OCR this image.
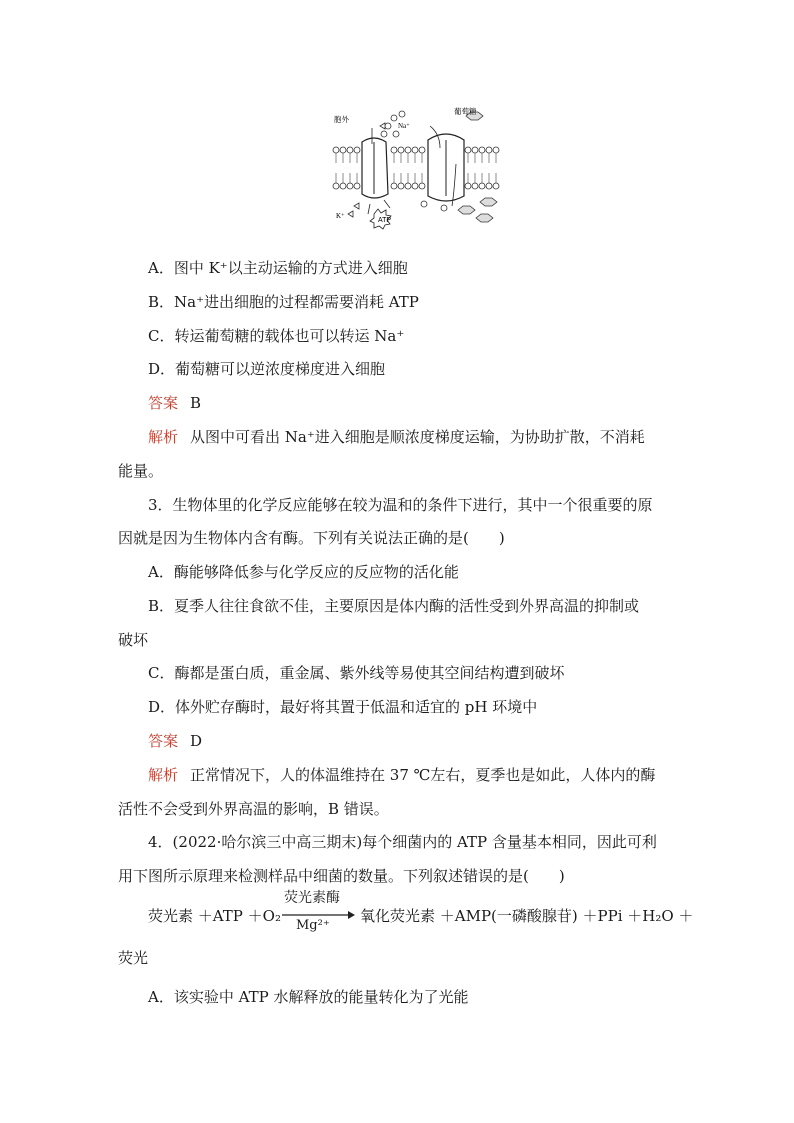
ATP
胞外
葡萄糖
Na⁺
K⁺
A．图中 K⁺以主动运输的方式进入细胞
B．Na⁺进出细胞的过程都需要消耗 ATP
C．转运葡萄糖的载体也可以转运 Na⁺
D．葡萄糖可以逆浓度梯度进入细胞
答案 B
解析 从图中可看出 Na⁺进入细胞是顺浓度梯度运输，为协助扩散，不消耗
能量。
3．生物体里的化学反应能够在较为温和的条件下进行，其中一个很重要的原
因就是因为生物体内含有酶。下列有关说法正确的是(　　)
A．酶能够降低参与化学反应的反应物的活化能
B．夏季人往往食欲不佳，主要原因是体内酶的活性受到外界高温的抑制或
破坏
C．酶都是蛋白质，重金属、紫外线等易使其空间结构遭到破坏
D．体外贮存酶时，最好将其置于低温和适宜的 pH 环境中
答案 D
解析 正常情况下，人的体温维持在 37 ℃左右，夏季也是如此，人体内的酶
活性不会受到外界高温的影响，B 错误。
4．(2022·哈尔滨三中高三期末)每个细菌内的 ATP 含量基本相同，因此可利
用下图所示原理来检测样品中细菌的数量。下列叙述错误的是(　　)
荧光素 ＋ATP ＋O₂
荧光素酶
Mg²⁺
氧化荧光素 ＋AMP(一磷酸腺苷) ＋PPi ＋H₂O ＋
荧光
A．该实验中 ATP 水解释放的能量转化为了光能
